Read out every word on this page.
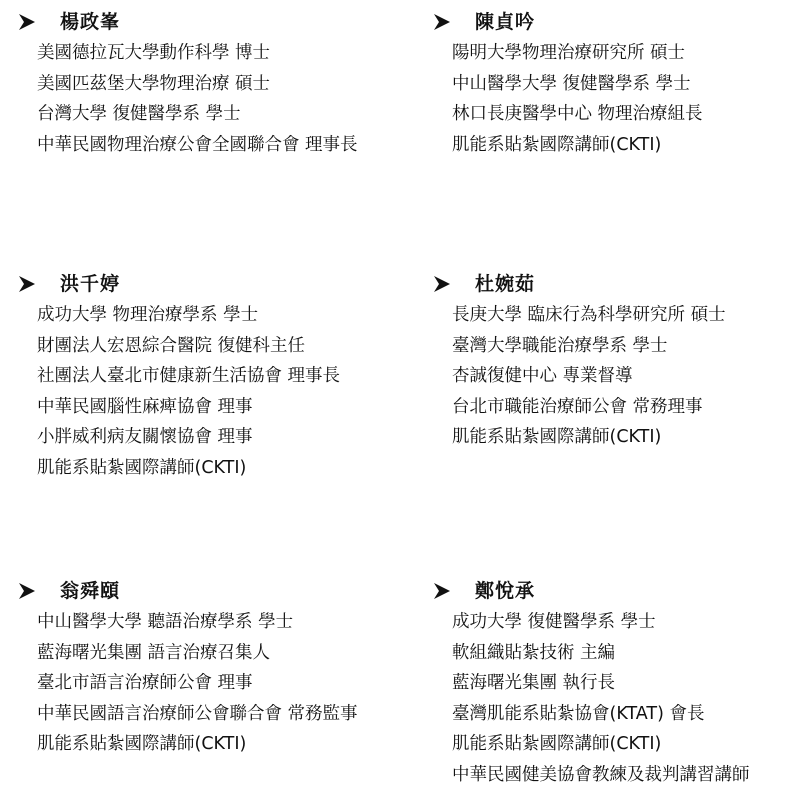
楊政峯
美國德拉瓦大學動作科學 博士
美國匹茲堡大學物理治療 碩士
台灣大學 復健醫學系 學士
中華民國物理治療公會全國聯合會 理事長
陳貞吟
陽明大學物理治療研究所 碩士
中山醫學大學 復健醫學系 學士
林口長庚醫學中心 物理治療組長
肌能系貼紮國際講師(CKTI)
洪千婷
成功大學 物理治療學系 學士
財團法人宏恩綜合醫院 復健科主任
社團法人臺北市健康新生活協會 理事長
中華民國腦性麻痺協會 理事
小胖威利病友關懷協會 理事
肌能系貼紮國際講師(CKTI)
杜婉茹
長庚大學 臨床行為科學研究所 碩士
臺灣大學職能治療學系 學士
杏誠復健中心 專業督導
台北市職能治療師公會 常務理事
肌能系貼紮國際講師(CKTI)
翁舜頤
中山醫學大學 聽語治療學系 學士
藍海曙光集團 語言治療召集人
臺北市語言治療師公會 理事
中華民國語言治療師公會聯合會 常務監事
肌能系貼紮國際講師(CKTI)
鄭悅承
成功大學 復健醫學系 學士
軟組織貼紮技術 主編
藍海曙光集團 執行長
臺灣肌能系貼紮協會(KTAT) 會長
肌能系貼紮國際講師(CKTI)
中華民國健美協會教練及裁判講習講師
